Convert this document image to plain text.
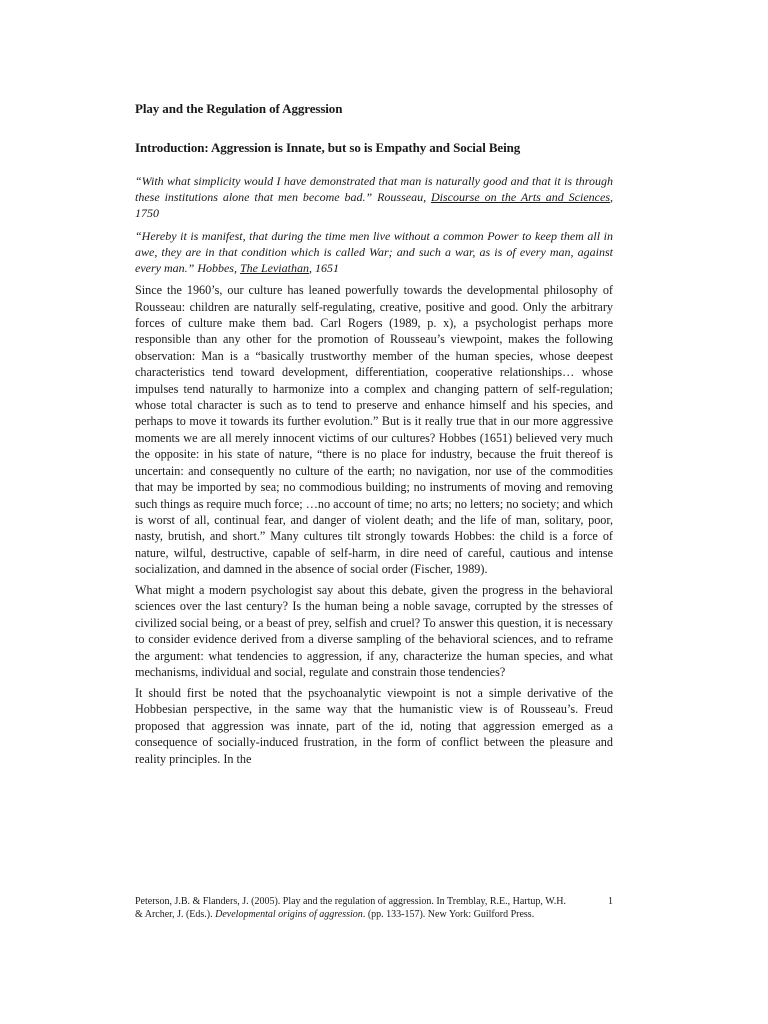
Play and the Regulation of Aggression
Introduction: Aggression is Innate, but so is Empathy and Social Being

“With what simplicity would I have demonstrated that man is naturally good and that it is through these institutions alone that men become bad.” Rousseau, Discourse on the Arts and Sciences, 1750

“Hereby it is manifest, that during the time men live without a common Power to keep them all in awe, they are in that condition which is called War; and such a war, as is of every man, against every man.” Hobbes, The Leviathan, 1651

Since the 1960’s, our culture has leaned powerfully towards the developmental philosophy of Rousseau: children are naturally self-regulating, creative, positive and good. Only the arbitrary forces of culture make them bad. Carl Rogers (1989, p. x), a psychologist perhaps more responsible than any other for the promotion of Rousseau’s viewpoint, makes the following observation: Man is a “basically trustworthy member of the human species, whose deepest characteristics tend toward development, differentiation, cooperative relationships… whose impulses tend naturally to harmonize into a complex and changing pattern of self-regulation; whose total character is such as to tend to preserve and enhance himself and his species, and perhaps to move it towards its further evolution.” But is it really true that in our more aggressive moments we are all merely innocent victims of our cultures? Hobbes (1651) believed very much the opposite: in his state of nature, “there is no place for industry, because the fruit thereof is uncertain: and consequently no culture of the earth; no navigation, nor use of the commodities that may be imported by sea; no commodious building; no instruments of moving and removing such things as require much force; …no account of time; no arts; no letters; no society; and which is worst of all, continual fear, and danger of violent death; and the life of man, solitary, poor, nasty, brutish, and short.” Many cultures tilt strongly towards Hobbes: the child is a force of nature, wilful, destructive, capable of self-harm, in dire need of careful, cautious and intense socialization, and damned in the absence of social order (Fischer, 1989).

What might a modern psychologist say about this debate, given the progress in the behavioral sciences over the last century? Is the human being a noble savage, corrupted by the stresses of civilized social being, or a beast of prey, selfish and cruel? To answer this question, it is necessary to consider evidence derived from a diverse sampling of the behavioral sciences, and to reframe the argument: what tendencies to aggression, if any, characterize the human species, and what mechanisms, individual and social, regulate and constrain those tendencies?

It should first be noted that the psychoanalytic viewpoint is not a simple derivative of the Hobbesian perspective, in the same way that the humanistic view is of Rousseau’s. Freud proposed that aggression was innate, part of the id, noting that aggression emerged as a consequence of socially-induced frustration, in the form of conflict between the pleasure and reality principles. In the

Peterson, J.B. & Flanders, J. (2005). Play and the regulation of aggression. In Tremblay, R.E., Hartup, W.H. & Archer, J. (Eds.). Developmental origins of aggression. (pp. 133-157). New York: Guilford Press.
1
